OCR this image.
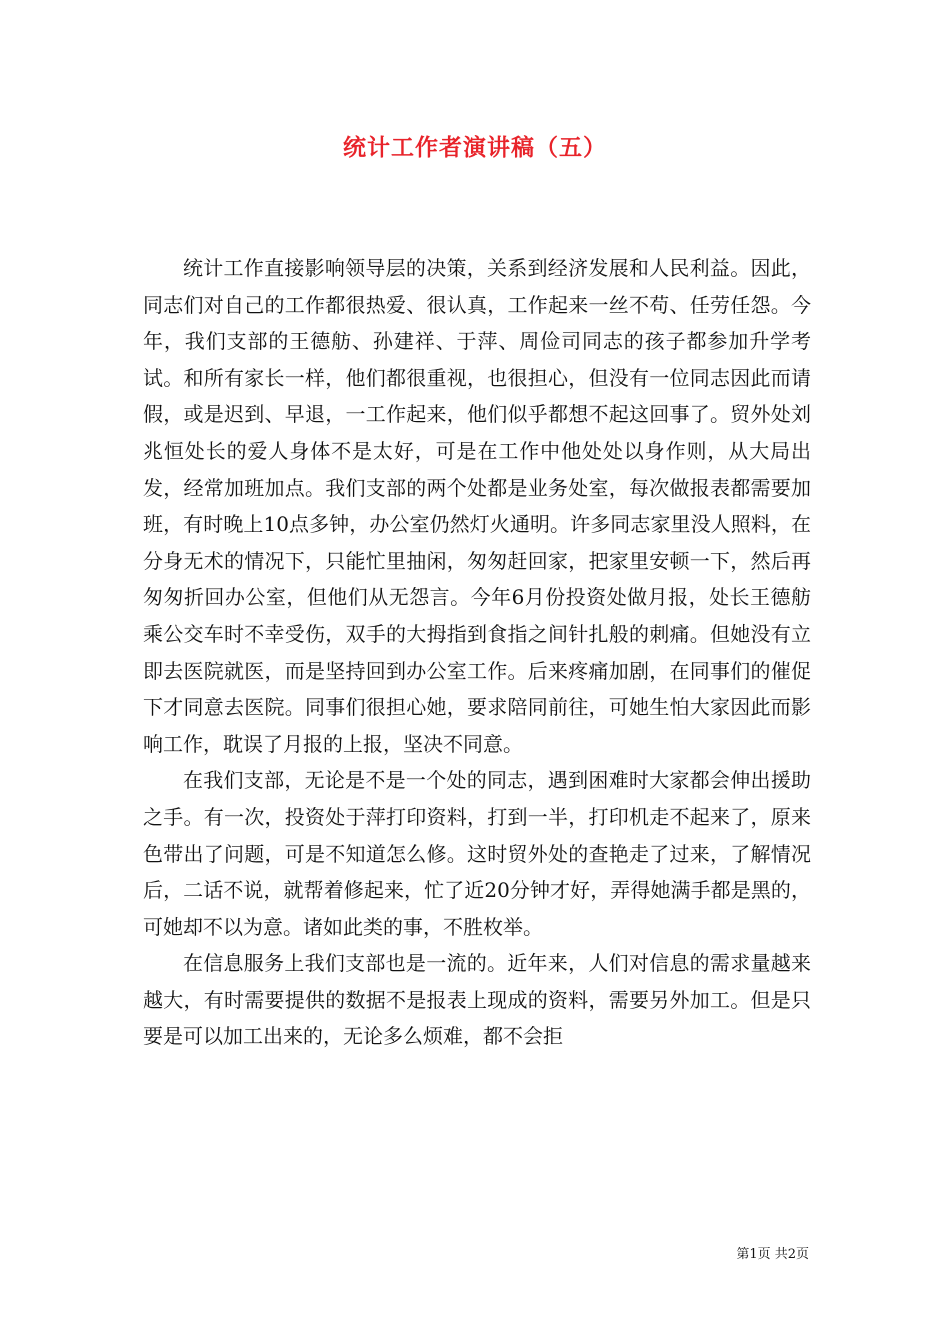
统计工作者演讲稿（五）

统计工作直接影响领导层的决策，关系到经济发展和人民利益。因此，同志们对自己的工作都很热爱、很认真，工作起来一丝不苟、任劳任怨。今年，我们支部的王德舫、孙建祥、于萍、周俭司同志的孩子都参加升学考试。和所有家长一样，他们都很重视，也很担心，但没有一位同志因此而请假，或是迟到、早退，一工作起来，他们似乎都想不起这回事了。贸外处刘兆恒处长的爱人身体不是太好，可是在工作中他处处以身作则，从大局出发，经常加班加点。我们支部的两个处都是业务处室，每次做报表都需要加班，有时晚上10点多钟，办公室仍然灯火通明。许多同志家里没人照料，在分身无术的情况下，只能忙里抽闲，匆匆赶回家，把家里安顿一下，然后再匆匆折回办公室，但他们从无怨言。今年6月份投资处做月报，处长王德舫乘公交车时不幸受伤，双手的大拇指到食指之间针扎般的刺痛。但她没有立即去医院就医，而是坚持回到办公室工作。后来疼痛加剧，在同事们的催促下才同意去医院。同事们很担心她，要求陪同前往，可她生怕大家因此而影响工作，耽误了月报的上报，坚决不同意。

在我们支部，无论是不是一个处的同志，遇到困难时大家都会伸出援助之手。有一次，投资处于萍打印资料，打到一半，打印机走不起来了，原来色带出了问题，可是不知道怎么修。这时贸外处的查艳走了过来，了解情况后，二话不说，就帮着修起来，忙了近20分钟才好，弄得她满手都是黑的，可她却不以为意。诸如此类的事，不胜枚举。

在信息服务上我们支部也是一流的。近年来，人们对信息的需求量越来越大，有时需要提供的数据不是报表上现成的资料，需要另外加工。但是只要是可以加工出来的，无论多么烦难，都不会拒

第1页 共2页
